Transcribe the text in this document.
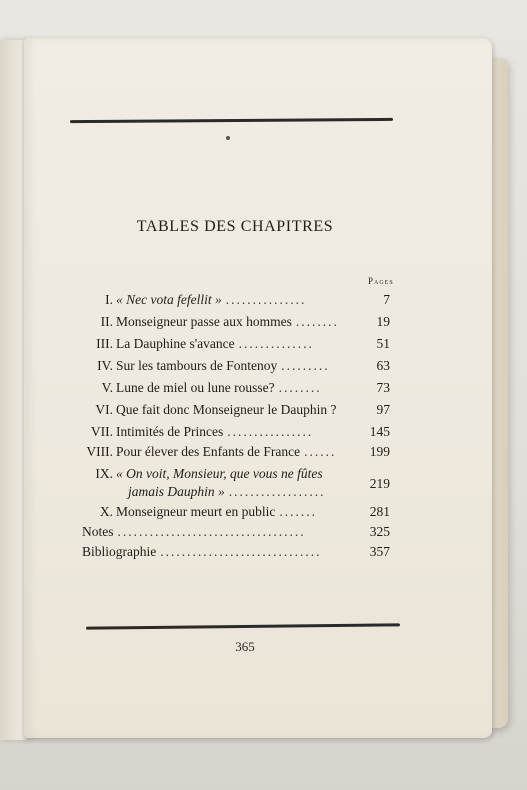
TABLES DES CHAPITRES
Pages
I. « Nec vota fefellit » ...............	7
II. Monseigneur passe aux hommes ........	19
III. La Dauphine s'avance ..............	51
IV. Sur les tambours de Fontenoy .........	63
V. Lune de miel ou lune rousse? ........	73
VI. Que fait donc Monseigneur le Dauphin ?	97
VII. Intimités de Princes ................	145
VIII. Pour élever des Enfants de France ......	199
IX. « On voit, Monsieur, que vous ne fûtes
jamais Dauphin » ..................
219
X. Monseigneur meurt en public .......	281
Notes ...................................	325
Bibliographie ..............................	357
365
